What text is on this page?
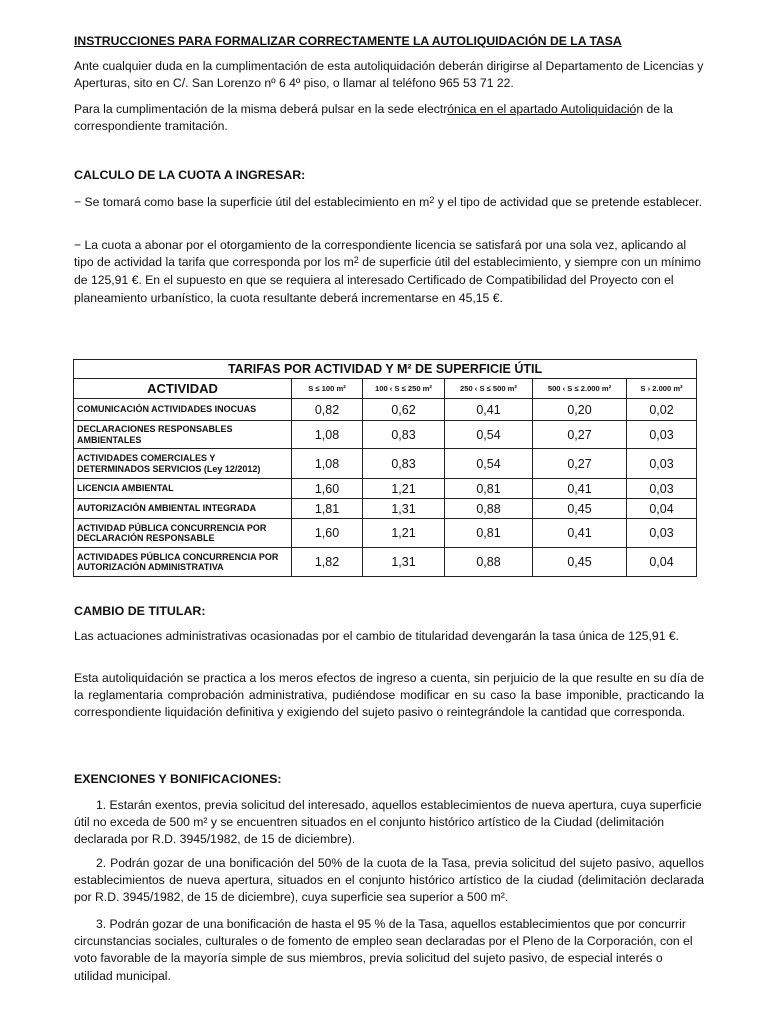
INSTRUCCIONES PARA FORMALIZAR CORRECTAMENTE LA AUTOLIQUIDACIÓN DE LA TASA

Ante cualquier duda en la cumplimentación de esta autoliquidación deberán dirigirse al Departamento de Licencias y Aperturas, sito en C/. San Lorenzo nº 6 4º piso, o llamar al teléfono 965 53 71 22.

Para la cumplimentación de la misma deberá pulsar en la sede electrónica en el apartado Autoliquidación de la correspondiente tramitación.

CALCULO DE LA CUOTA A INGRESAR:

− Se tomará como base la superficie útil del establecimiento en $m^2$ y el tipo de actividad que se pretende establecer.

− La cuota a abonar por el otorgamiento de la correspondiente licencia se satisfará por una sola vez, aplicando al tipo de actividad la tarifa que corresponda por los $m^2$ de superficie útil del establecimiento, y siempre con un mínimo de 125,91 €. En el supuesto en que se requiera al interesado Certificado de Compatibilidad del Proyecto con el planeamiento urbanístico, la cuota resultante deberá incrementarse en 45,15 €.

TARIFAS POR ACTIVIDAD Y M² DE SUPERFICIE ÚTIL					
ACTIVIDAD	S ≤ 100 m²	100 ‹ S ≤ 250 m²	250 ‹ S ≤ 500 m²	500 ‹ S ≤ 2.000 m²	S › 2.000 m²
COMUNICACIÓN ACTIVIDADES INOCUAS	0,82	0,62	0,41	0,20	0,02
DECLARACIONES RESPONSABLES AMBIENTALES	1,08	0,83	0,54	0,27	0,03
ACTIVIDADES COMERCIALES Y DETERMINADOS SERVICIOS (Ley 12/2012)	1,08	0,83	0,54	0,27	0,03
LICENCIA AMBIENTAL	1,60	1,21	0,81	0,41	0,03
AUTORIZACIÓN AMBIENTAL INTEGRADA	1,81	1,31	0,88	0,45	0,04
ACTIVIDAD PÚBLICA CONCURRENCIA POR DECLARACIÓN RESPONSABLE	1,60	1,21	0,81	0,41	0,03
ACTIVIDADES PÚBLICA CONCURRENCIA POR AUTORIZACIÓN ADMINISTRATIVA	1,82	1,31	0,88	0,45	0,04

CAMBIO DE TITULAR:

Las actuaciones administrativas ocasionadas por el cambio de titularidad devengarán la tasa única de 125,91 €.

Esta autoliquidación se practica a los meros efectos de ingreso a cuenta, sin perjuicio de la que resulte en su día de la reglamentaria comprobación administrativa, pudiéndose modificar en su caso la base imponible, practicando la correspondiente liquidación definitiva y exigiendo del sujeto pasivo o reintegrándole la cantidad que corresponda.

EXENCIONES Y BONIFICACIONES:

1. Estarán exentos, previa solicitud del interesado, aquellos establecimientos de nueva apertura, cuya superficie útil no exceda de 500 m² y se encuentren situados en el conjunto histórico artístico de la Ciudad (delimitación declarada por R.D. 3945/1982, de 15 de diciembre).

2. Podrán gozar de una bonificación del 50% de la cuota de la Tasa, previa solicitud del sujeto pasivo, aquellos establecimientos de nueva apertura, situados en el conjunto histórico artístico de la ciudad (delimitación declarada por R.D. 3945/1982, de 15 de diciembre), cuya superficie sea superior a 500 m².

3. Podrán gozar de una bonificación de hasta el 95 % de la Tasa, aquellos establecimientos que por concurrir circunstancias sociales, culturales o de fomento de empleo sean declaradas por el Pleno de la Corporación, con el voto favorable de la mayoría simple de sus miembros, previa solicitud del sujeto pasivo, de especial interés o utilidad municipal.
